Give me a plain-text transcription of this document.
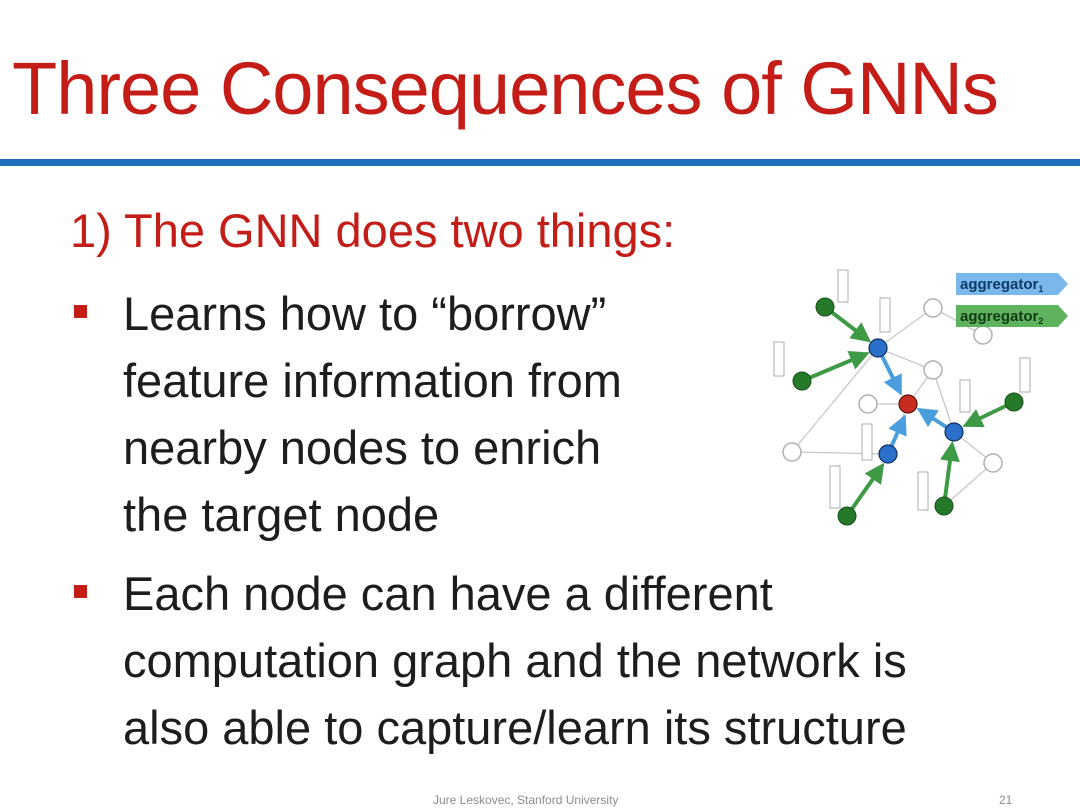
Three Consequences of GNNs
1) The GNN does two things:

Learns how to “borrow”
feature information from
nearby nodes to enrich
the target node

Each node can have a different
computation graph and the network is
also able to capture/learn its structure

aggregator$_1$
aggregator$_2$
Jure Leskovec, Stanford University	21
